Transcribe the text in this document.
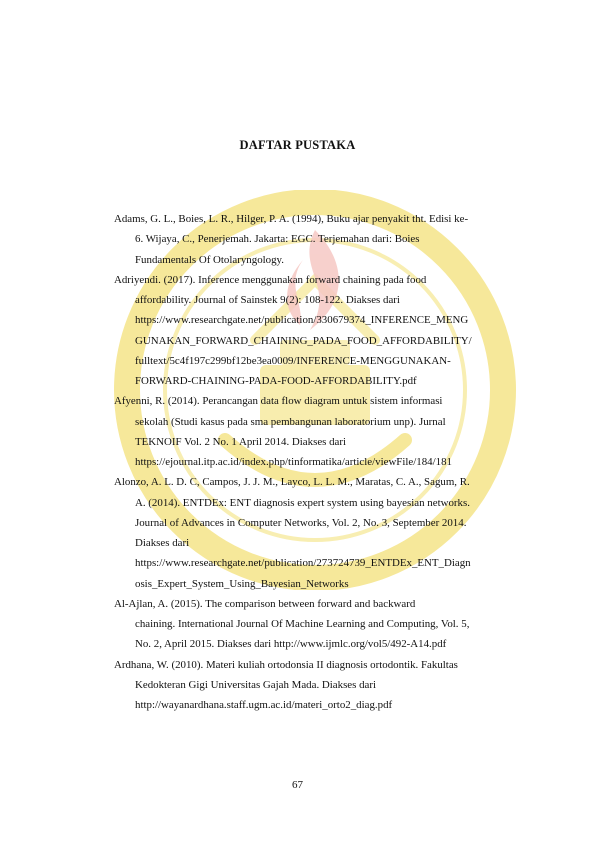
DAFTAR PUSTAKA
Adams, G. L., Boies, L. R., Hilger, P. A. (1994), Buku ajar penyakit tht. Edisi ke-
6. Wijaya, C., Penerjemah. Jakarta: EGC. Terjemahan dari: Boies
Fundamentals Of Otolaryngology.
Adriyendi. (2017). Inference menggunakan forward chaining pada food
affordability. Journal of Sainstek 9(2): 108-122. Diakses dari
https://www.researchgate.net/publication/330679374_INFERENCE_MENG
GUNAKAN_FORWARD_CHAINING_PADA_FOOD_AFFORDABILITY/
fulltext/5c4f197c299bf12be3ea0009/INFERENCE-MENGGUNAKAN-
FORWARD-CHAINING-PADA-FOOD-AFFORDABILITY.pdf
Afyenni, R. (2014). Perancangan data flow diagram untuk sistem informasi
sekolah (Studi kasus pada sma pembangunan laboratorium unp). Jurnal
TEKNOIF Vol. 2 No. 1 April 2014. Diakses dari
https://ejournal.itp.ac.id/index.php/tinformatika/article/viewFile/184/181
Alonzo, A. L. D. C, Campos, J. J. M., Layco, L. L. M., Maratas, C. A., Sagum, R.
A. (2014). ENTDEx: ENT diagnosis expert system using bayesian networks.
Journal of Advances in Computer Networks, Vol. 2, No. 3, September 2014.
Diakses dari
https://www.researchgate.net/publication/273724739_ENTDEx_ENT_Diagn
osis_Expert_System_Using_Bayesian_Networks
Al-Ajlan, A. (2015). The comparison between forward and backward
chaining. International Journal Of Machine Learning and Computing, Vol. 5,
No. 2, April 2015. Diakses dari http://www.ijmlc.org/vol5/492-A14.pdf
Ardhana, W. (2010). Materi kuliah ortodonsia II diagnosis ortodontik. Fakultas
Kedokteran Gigi Universitas Gajah Mada. Diakses dari
http://wayanardhana.staff.ugm.ac.id/materi_orto2_diag.pdf
67
